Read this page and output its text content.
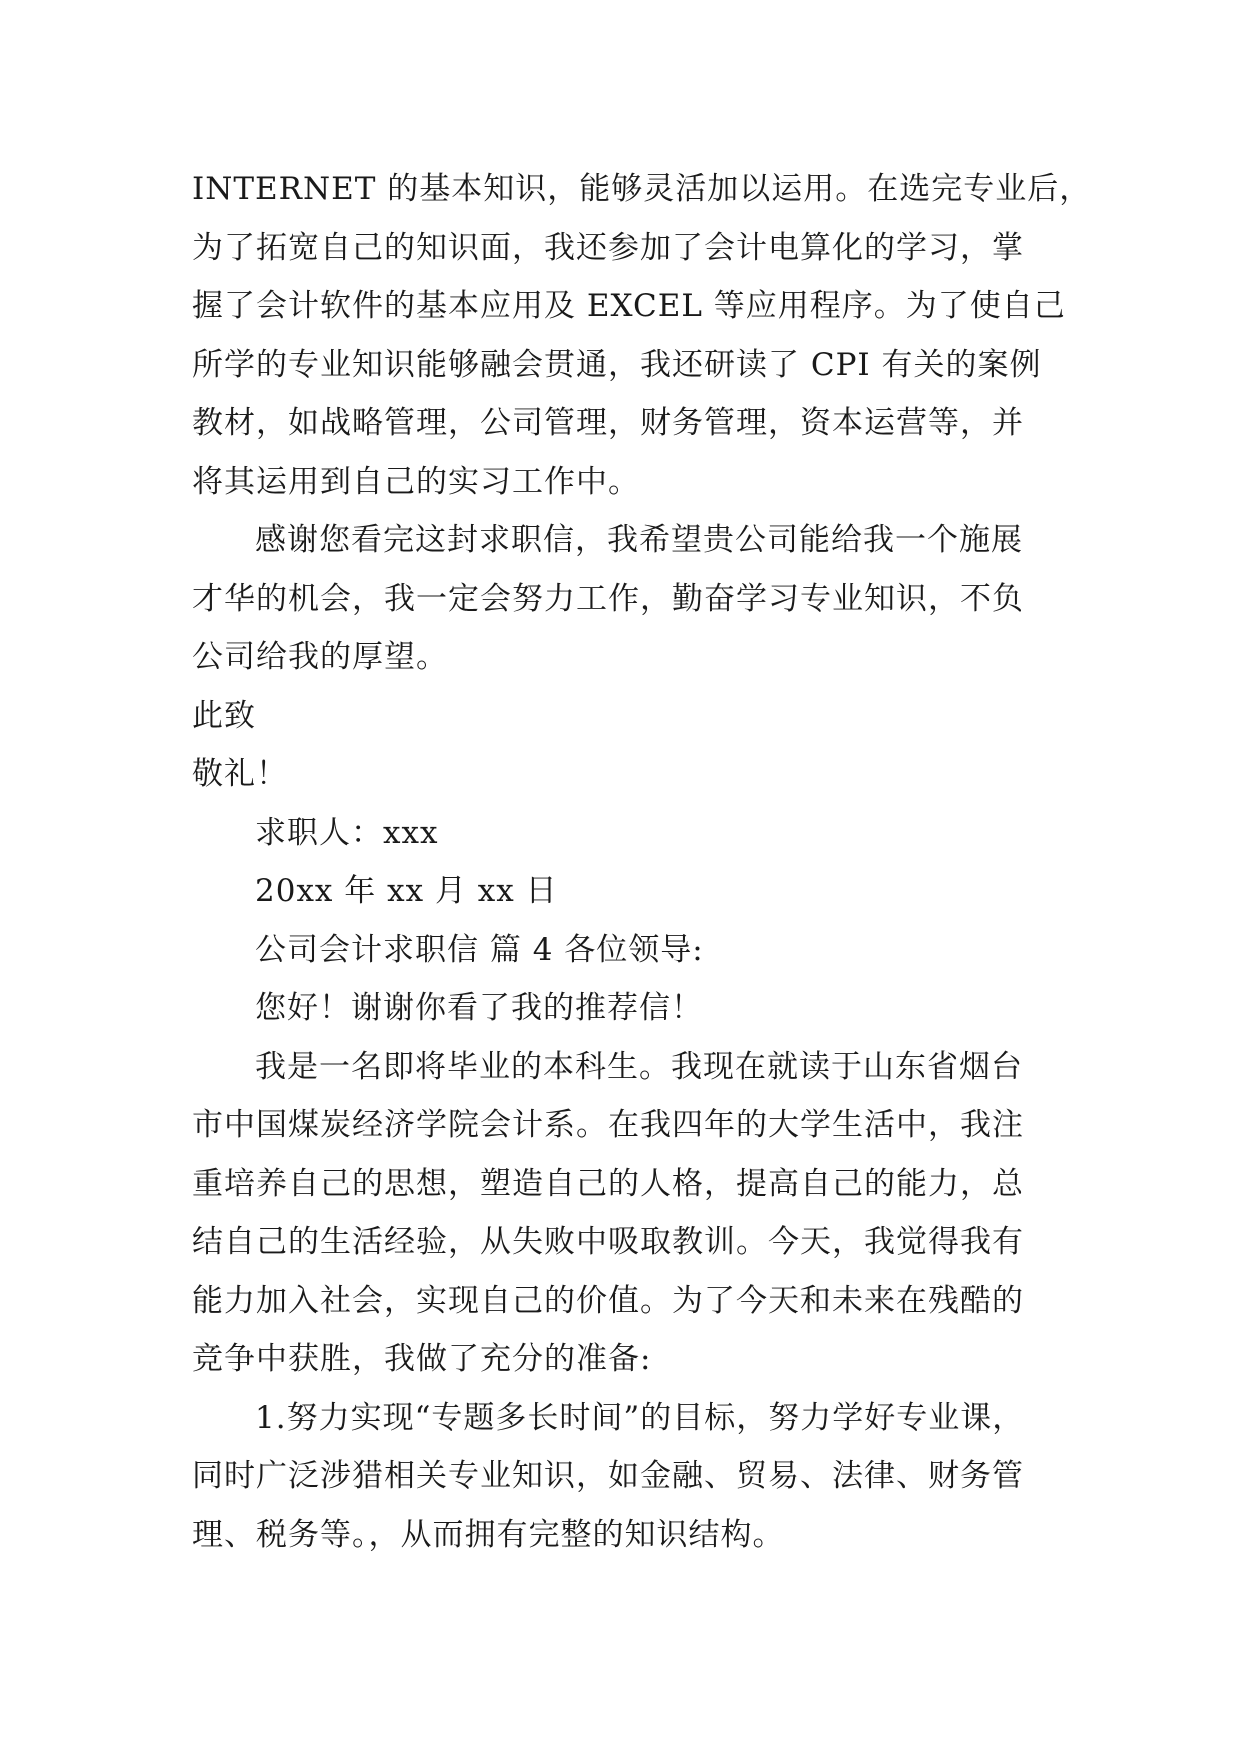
INTERNET 的基本知识，能够灵活加以运用。在选完专业后，
为了拓宽自己的知识面，我还参加了会计电算化的学习，掌
握了会计软件的基本应用及 EXCEL 等应用程序。为了使自己
所学的专业知识能够融会贯通，我还研读了 CPI 有关的案例
教材，如战略管理，公司管理，财务管理，资本运营等，并
将其运用到自己的实习工作中。
感谢您看完这封求职信，我希望贵公司能给我一个施展
才华的机会，我一定会努力工作，勤奋学习专业知识，不负
公司给我的厚望。
此致
敬礼！
求职人：xxx
20xx 年 xx 月 xx 日
公司会计求职信 篇 4 各位领导:
您好！谢谢你看了我的推荐信！
我是一名即将毕业的本科生。我现在就读于山东省烟台
市中国煤炭经济学院会计系。在我四年的大学生活中，我注
重培养自己的思想，塑造自己的人格，提高自己的能力，总
结自己的生活经验，从失败中吸取教训。今天，我觉得我有
能力加入社会，实现自己的价值。为了今天和未来在残酷的
竞争中获胜，我做了充分的准备:
1.努力实现“专题多长时间”的目标，努力学好专业课，
同时广泛涉猎相关专业知识，如金融、贸易、法律、财务管
理、税务等。，从而拥有完整的知识结构。
